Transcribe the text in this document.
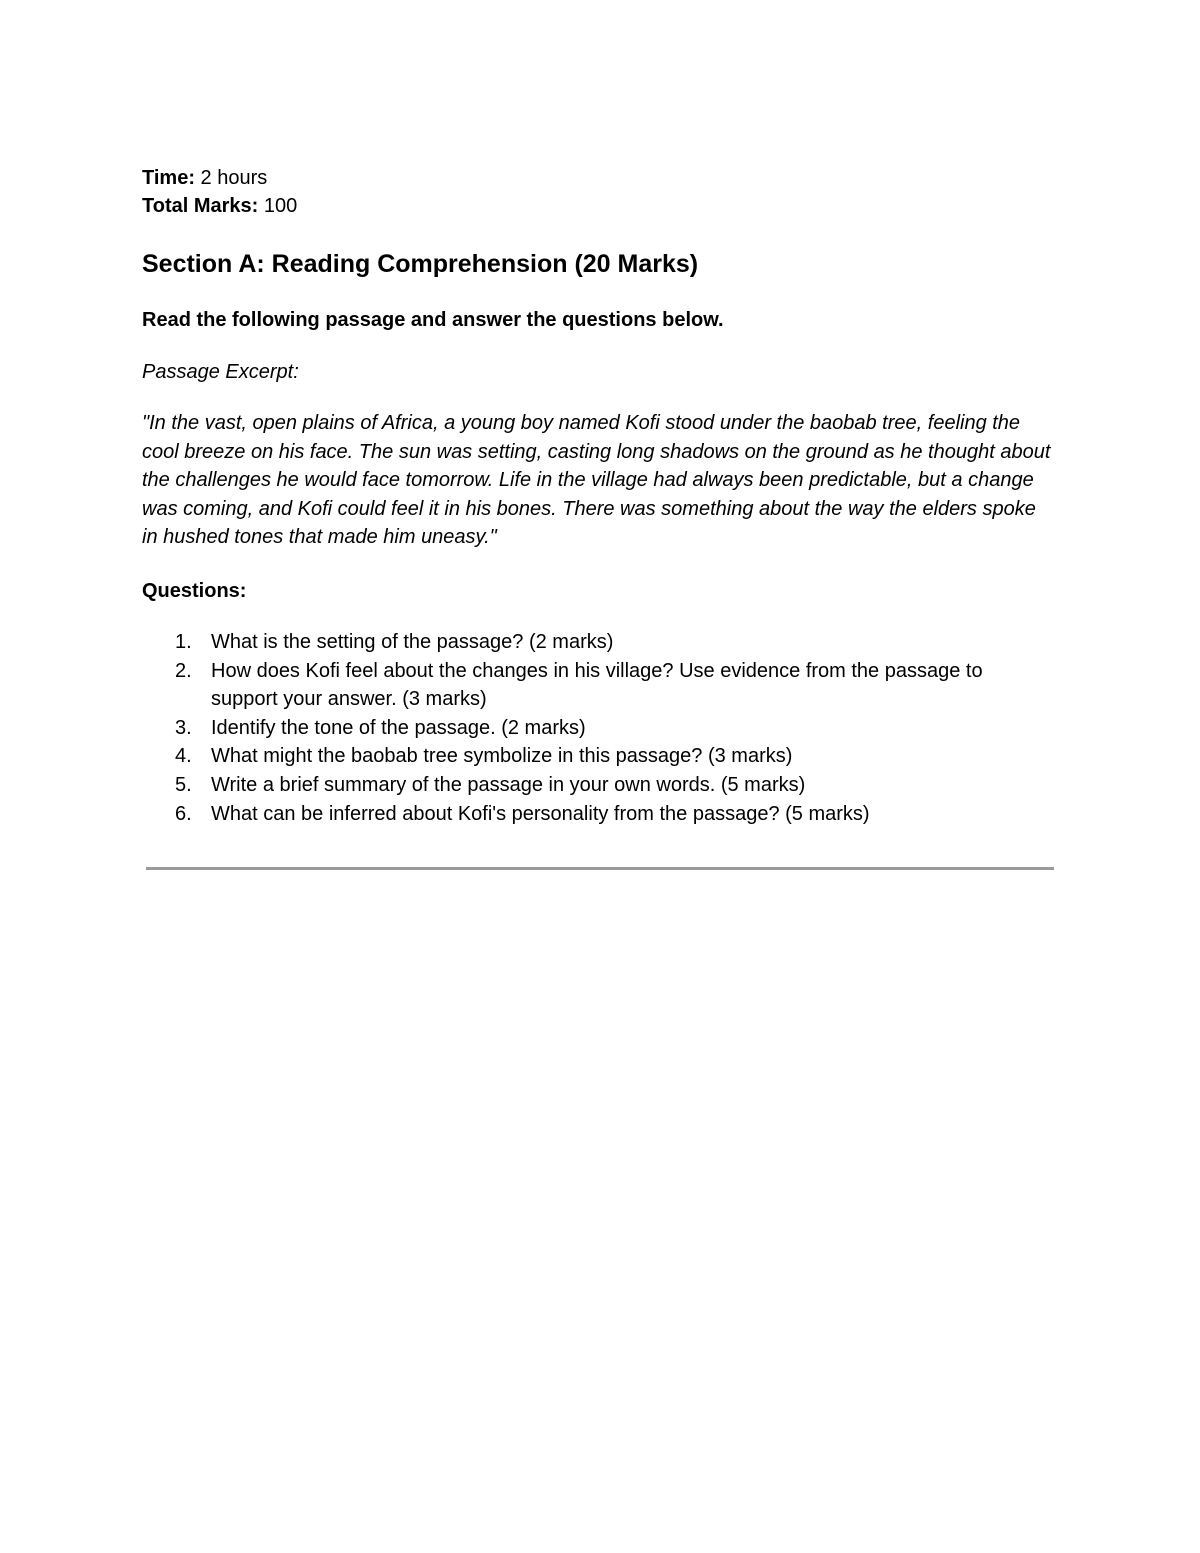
Time: 2 hours
Total Marks: 100
Section A: Reading Comprehension (20 Marks)
Read the following passage and answer the questions below.
Passage Excerpt:
"In the vast, open plains of Africa, a young boy named Kofi stood under the baobab tree, feeling the cool breeze on his face. The sun was setting, casting long shadows on the ground as he thought about the challenges he would face tomorrow. Life in the village had always been predictable, but a change was coming, and Kofi could feel it in his bones. There was something about the way the elders spoke in hushed tones that made him uneasy."
Questions:
1. What is the setting of the passage? (2 marks)
2. How does Kofi feel about the changes in his village? Use evidence from the passage to support your answer. (3 marks)
3. Identify the tone of the passage. (2 marks)
4. What might the baobab tree symbolize in this passage? (3 marks)
5. Write a brief summary of the passage in your own words. (5 marks)
6. What can be inferred about Kofi's personality from the passage? (5 marks)
